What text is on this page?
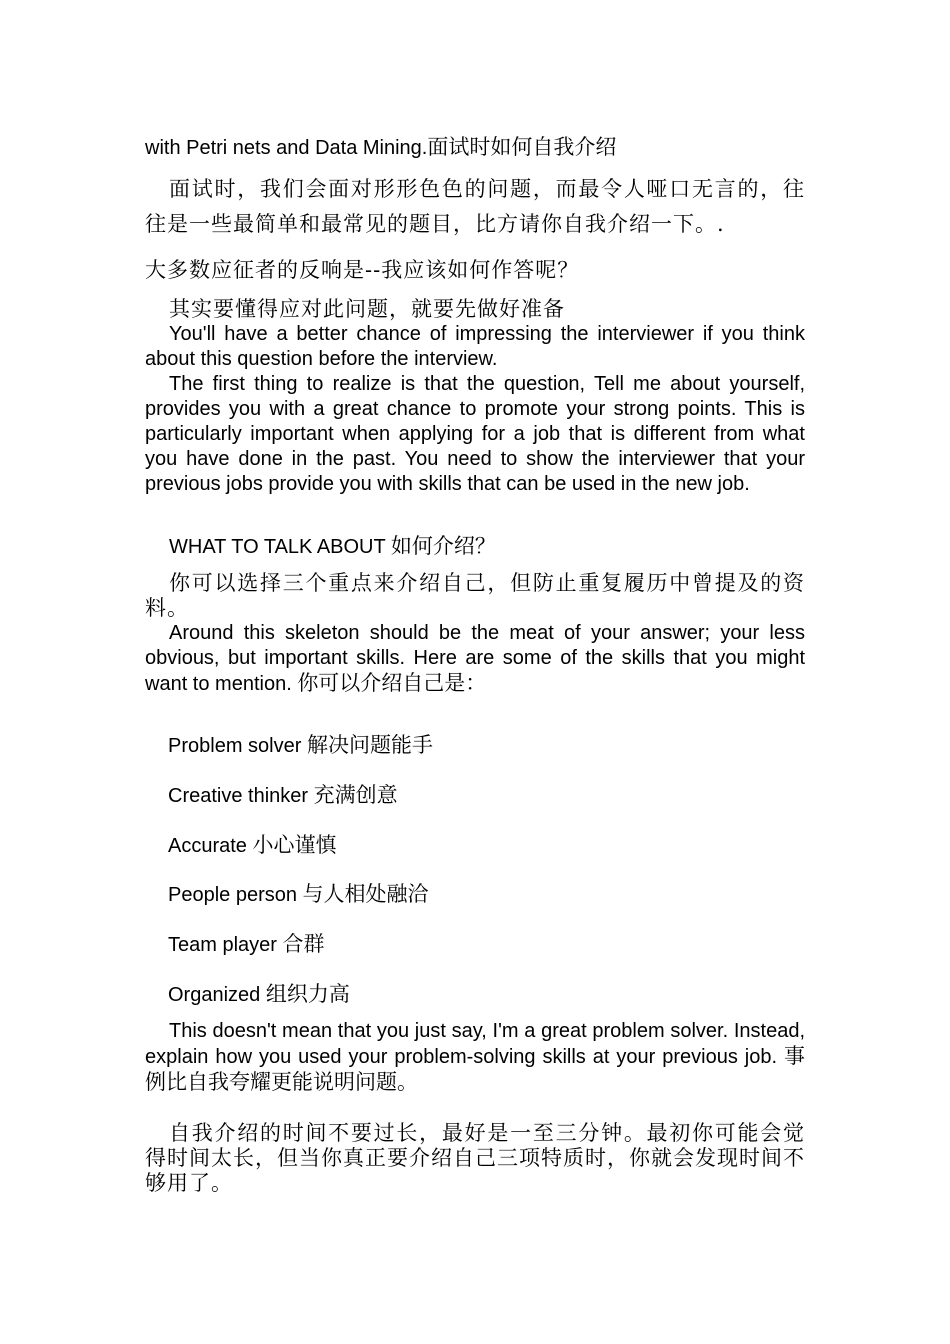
with Petri nets and Data Mining.面试时如何自我介绍

面试时，我们会面对形形色色的问题，而最令人哑口无言的，往往是一些最简单和最常见的题目，比方请你自我介绍一下。.

大多数应征者的反响是--我应该如何作答呢？

其实要懂得应对此问题，就要先做好准备

You'll have a better chance of impressing the interviewer if you think about this question before the interview.

The first thing to realize is that the question, Tell me about yourself, provides you with a great chance to promote your strong points. This is particularly important when applying for a job that is different from what you have done in the past. You need to show the interviewer that your previous jobs provide you with skills that can be used in the new job.

WHAT TO TALK ABOUT 如何介绍？

你可以选择三个重点来介绍自己，但防止重复履历中曾提及的资料。

Around this skeleton should be the meat of your answer; your less obvious, but important skills. Here are some of the skills that you might want to mention. 你可以介绍自己是：

Problem solver 解决问题能手

Creative thinker 充满创意

Accurate 小心谨慎

People person 与人相处融洽

Team player 合群

Organized 组织力高

This doesn't mean that you just say, I'm a great problem solver. Instead, explain how you used your problem-solving skills at your previous job. 事例比自我夸耀更能说明问题。

自我介绍的时间不要过长，最好是一至三分钟。最初你可能会觉得时间太长，但当你真正要介绍自己三项特质时，你就会发现时间不够用了。
